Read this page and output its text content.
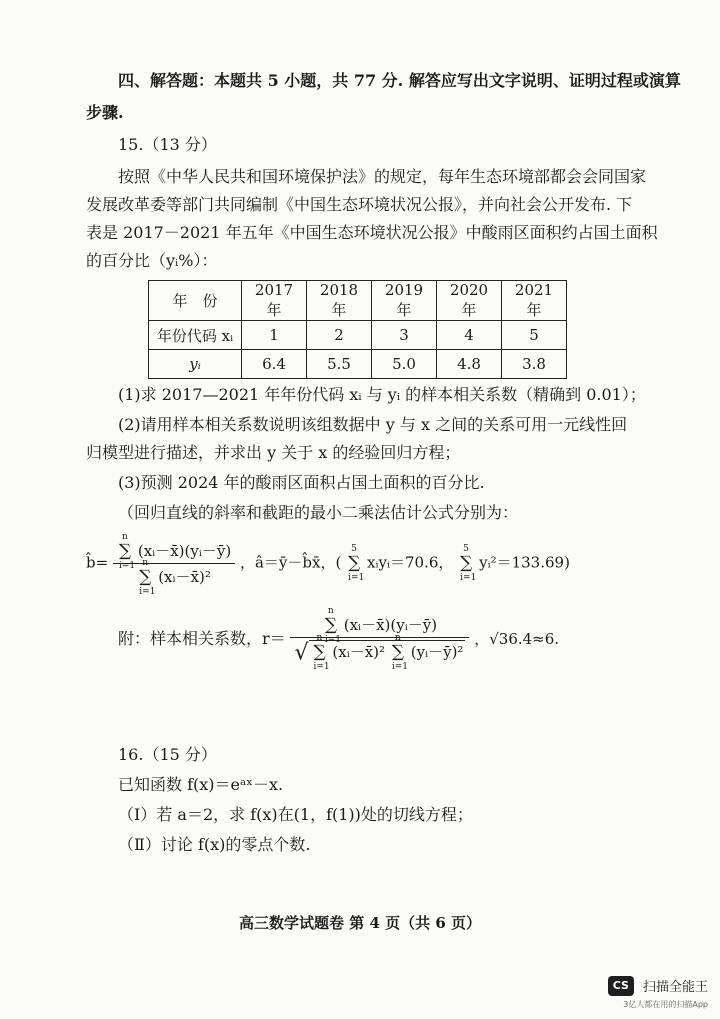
四、解答题：本题共 5 小题，共 77 分. 解答应写出文字说明、证明过程或演算
步骤.
15.（13 分）
按照《中华人民共和国环境保护法》的规定，每年生态环境部都会会同国家
发展改革委等部门共同编制《中国生态环境状况公报》，并向社会公开发布. 下
表是 2017－2021 年五年《中国生态环境状况公报》中酸雨区面积约占国土面积
的百分比（yᵢ%）：
年　份	2017 年	2018 年	2019 年	2020 年	2021 年
年份代码 xᵢ	1	2	3	4	5
yᵢ	6.4	5.5	5.0	4.8	3.8
(1)求 2017—2021 年年份代码 xᵢ 与 yᵢ 的样本相关系数（精确到 0.01）；
(2)请用样本相关系数说明该组数据中 y 与 x 之间的关系可用一元线性回
归模型进行描述，并求出 y 关于 x 的经验回归方程；
(3)预测 2024 年的酸雨区面积占国土面积的百分比.
（回归直线的斜率和截距的最小二乘法估计公式分别为：
b̂= ∑
n
i=1
(xᵢ－x̄)(yᵢ－ȳ)
∑
n
i=1
(xᵢ－x̄)² ，â＝ȳ－b̂x̄，( ∑
5
i=1
xᵢyᵢ＝70.6， ∑
5
i=1
yᵢ²＝133.69)
附：样本相关系数，r＝
∑
n
i=1
(xᵢ－x̄)(yᵢ－ȳ)
√ ∑
n
i=1
(xᵢ－x̄)² ∑
n
i=1
(yᵢ－ȳ)²
，√36.4≈6.
16.（15 分）
已知函数 f(x)＝eᵃˣ－x.
（Ⅰ）若 a＝2，求 f(x)在(1，f(1))处的切线方程；
（Ⅱ）讨论 f(x)的零点个数.
高三数学试题卷 第 4 页（共 6 页）
CS 扫描全能王
3亿人都在用的扫描App
